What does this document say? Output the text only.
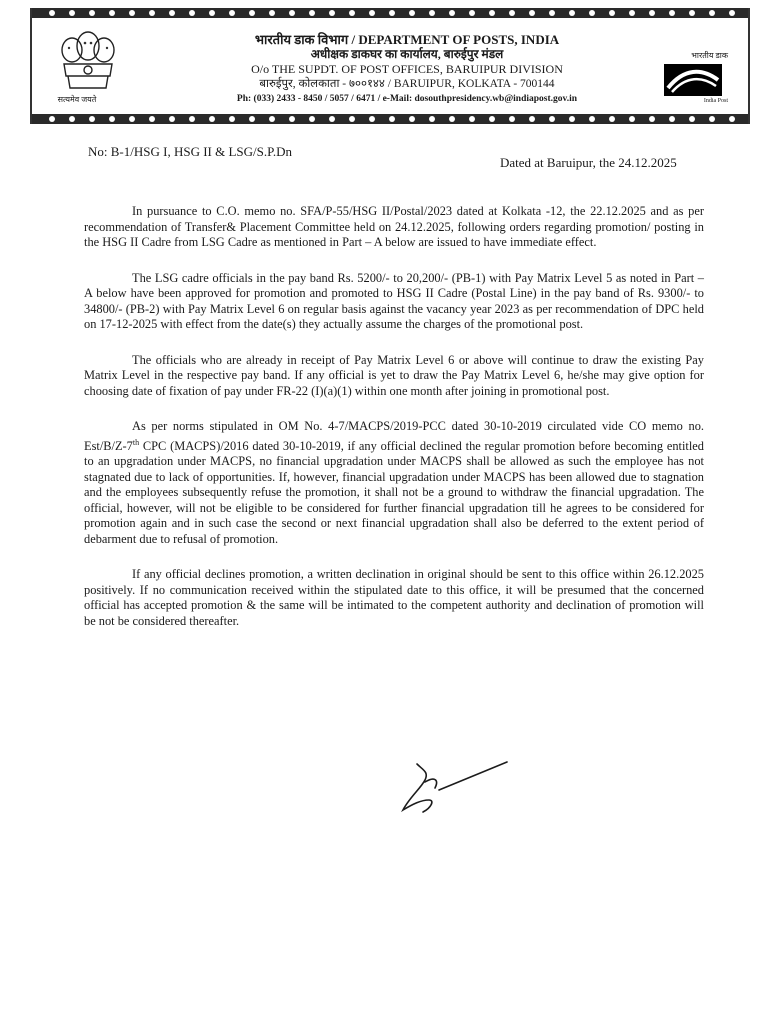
सत्यमेव जयते
भारतीय डाक विभाग / DEPARTMENT OF POSTS, INDIA
अधीक्षक डाकघर का कार्यालय, बारुईपुर मंडल
O/o THE SUPDT. OF POST OFFICES, BARUIPUR DIVISION
बारुईपुर, कोलकाता - ७००१४४ / BARUIPUR, KOLKATA - 700144
Ph: (033) 2433 - 8450 / 5057 / 6471 / e-Mail: dosouthpresidency.wb@indiapost.gov.in
भारतीय डाक
India Post
No: B-1/HSG I, HSG II & LSG/S.P.Dn
Dated at Baruipur, the 24.12.2025

In pursuance to C.O. memo no. SFA/P-55/HSG II/Postal/2023 dated at Kolkata -12, the 22.12.2025 and as per recommendation of Transfer& Placement Committee held on 24.12.2025, following orders regarding promotion/ posting in the HSG II Cadre from LSG Cadre as mentioned in Part – A below are issued to have immediate effect.

The LSG cadre officials in the pay band Rs. 5200/- to 20,200/- (PB-1) with Pay Matrix Level 5 as noted in Part – A below have been approved for promotion and promoted to HSG II Cadre (Postal Line) in the pay band of Rs. 9300/- to 34800/- (PB-2) with Pay Matrix Level 6 on regular basis against the vacancy year 2023 as per recommendation of DPC held on 17-12-2025 with effect from the date(s) they actually assume the charges of the promotional post.

The officials who are already in receipt of Pay Matrix Level 6 or above will continue to draw the existing Pay Matrix Level in the respective pay band. If any official is yet to draw the Pay Matrix Level 6, he/she may give option for choosing date of fixation of pay under FR-22 (I)(a)(1) within one month after joining in promotional post.

As per norms stipulated in OM No. 4-7/MACPS/2019-PCC dated 30-10-2019 circulated vide CO memo no. Est/B/Z-7th CPC (MACPS)/2016 dated 30-10-2019, if any official declined the regular promotion before becoming entitled to an upgradation under MACPS, no financial upgradation under MACPS shall be allowed as such the employee has not stagnated due to lack of opportunities. If, however, financial upgradation under MACPS has been allowed due to stagnation and the employees subsequently refuse the promotion, it shall not be a ground to withdraw the financial upgradation. The official, however, will not be eligible to be considered for further financial upgradation till he agrees to be considered for promotion again and in such case the second or next financial upgradation shall also be deferred to the extent period of debarment due to refusal of promotion.

If any official declines promotion, a written declination in original should be sent to this office within 26.12.2025 positively. If no communication received within the stipulated date to this office, it will be presumed that the concerned official has accepted promotion & the same will be intimated to the competent authority and declination of promotion will be not be considered thereafter.
